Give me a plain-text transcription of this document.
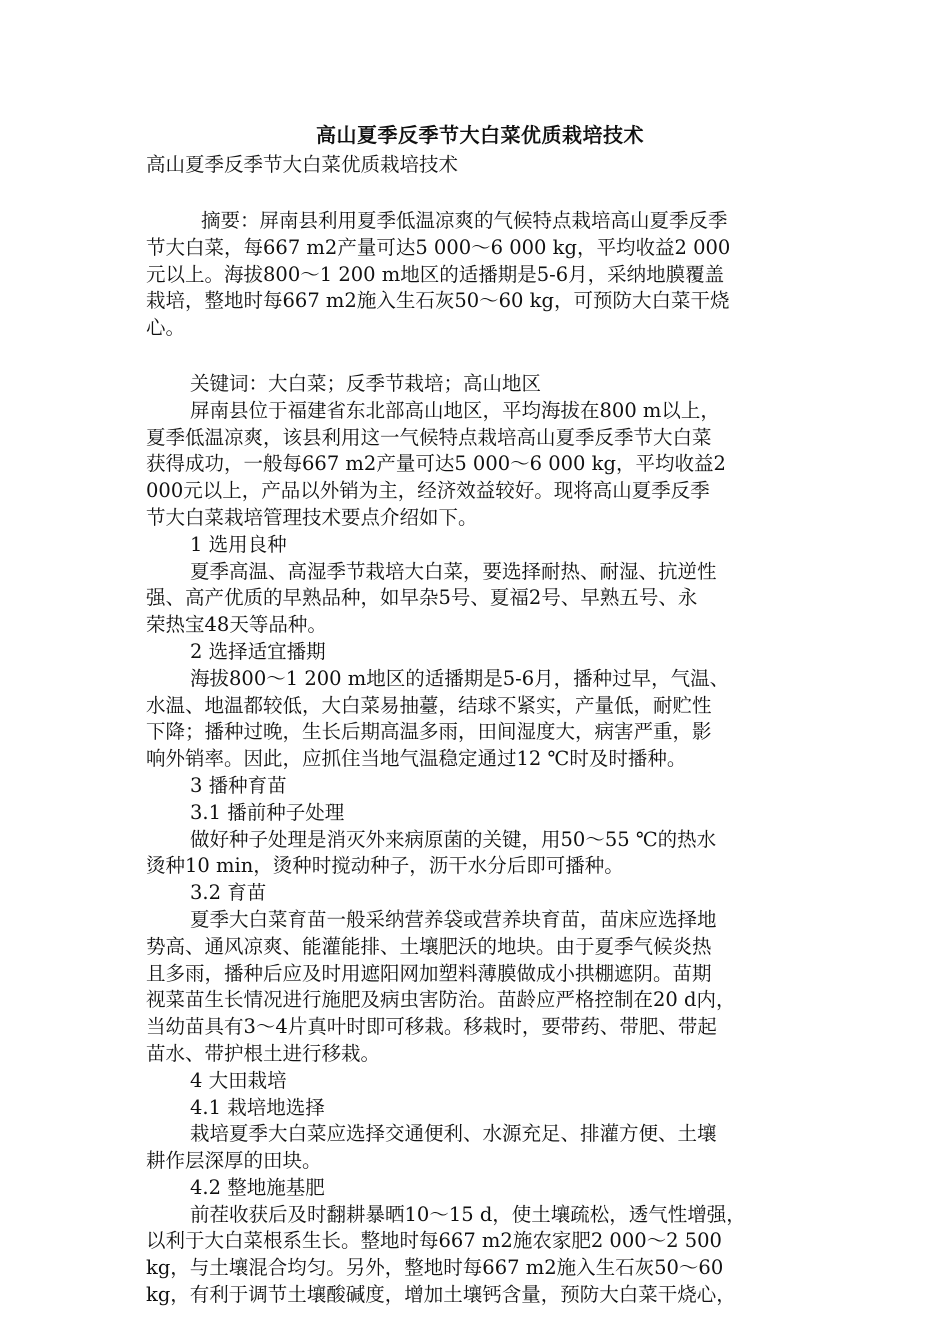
高山夏季反季节大白菜优质栽培技术

高山夏季反季节大白菜优质栽培技术

摘要：屏南县利用夏季低温凉爽的气候特点栽培高山夏季反季

节大白菜，每667 m2产量可达5 000～6 000 kg，平均收益2 000

元以上。海拔800～1 200 m地区的适播期是5-6月，采纳地膜覆盖

栽培，整地时每667 m2施入生石灰50～60 kg，可预防大白菜干烧

心。

关键词：大白菜；反季节栽培；高山地区

屏南县位于福建省东北部高山地区，平均海拔在800 m以上，

夏季低温凉爽，该县利用这一气候特点栽培高山夏季反季节大白菜

获得成功，一般每667 m2产量可达5 000～6 000 kg，平均收益2

000元以上，产品以外销为主，经济效益较好。现将高山夏季反季

节大白菜栽培管理技术要点介绍如下。

1 选用良种

夏季高温、高湿季节栽培大白菜，要选择耐热、耐湿、抗逆性

强、高产优质的早熟品种，如早杂5号、夏福2号、早熟五号、永

荣热宝48天等品种。

2 选择适宜播期

海拔800～1 200 m地区的适播期是5-6月，播种过早，气温、

水温、地温都较低，大白菜易抽薹，结球不紧实，产量低，耐贮性

下降；播种过晚，生长后期高温多雨，田间湿度大，病害严重，影

响外销率。因此，应抓住当地气温稳定通过12 ℃时及时播种。

3 播种育苗

3.1 播前种子处理

做好种子处理是消灭外来病原菌的关键，用50～55 ℃的热水

烫种10 min，烫种时搅动种子，沥干水分后即可播种。

3.2 育苗

夏季大白菜育苗一般采纳营养袋或营养块育苗，苗床应选择地

势高、通风凉爽、能灌能排、土壤肥沃的地块。由于夏季气候炎热

且多雨，播种后应及时用遮阳网加塑料薄膜做成小拱棚遮阴。苗期

视菜苗生长情况进行施肥及病虫害防治。苗龄应严格控制在20 d内，

当幼苗具有3～4片真叶时即可移栽。移栽时，要带药、带肥、带起

苗水、带护根土进行移栽。

4 大田栽培

4.1 栽培地选择

栽培夏季大白菜应选择交通便利、水源充足、排灌方便、土壤

耕作层深厚的田块。

4.2 整地施基肥

前茬收获后及时翻耕暴晒10～15 d，使土壤疏松，透气性增强，

以利于大白菜根系生长。整地时每667 m2施农家肥2 000～2 500

kg，与土壤混合均匀。另外，整地时每667 m2施入生石灰50～60

kg，有利于调节土壤酸碱度，增加土壤钙含量，预防大白菜干烧心，
